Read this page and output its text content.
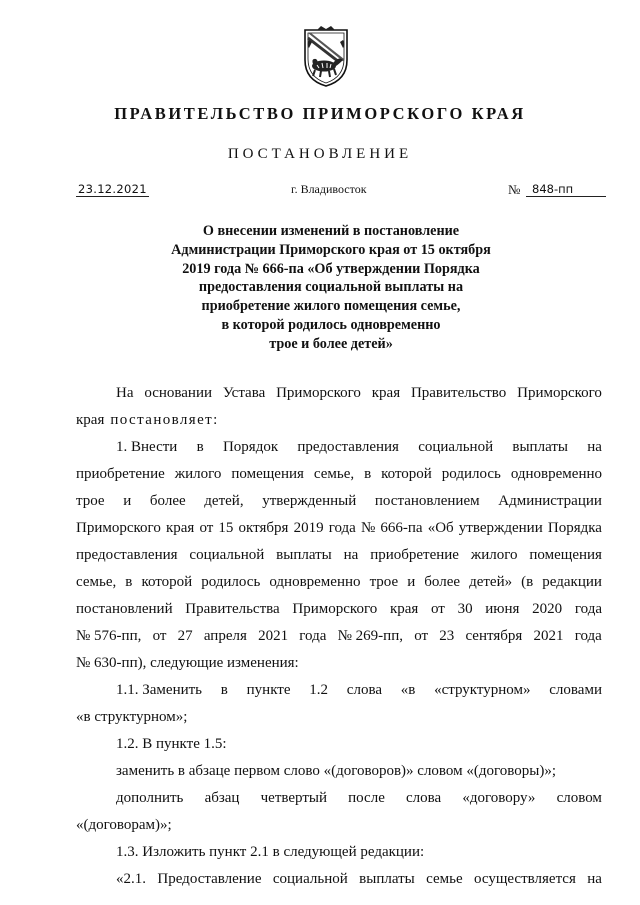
ПРАВИТЕЛЬСТВО ПРИМОРСКОГО КРАЯ
ПОСТАНОВЛЕНИЕ
23.12.2021	г. Владивосток	№	848-пп
О внесении изменений в постановление
Администрации Приморского края от 15 октября
2019 года № 666-па «Об утверждении Порядка
предоставления социальной выплаты на
приобретение жилого помещения семье,
в которой родилось одновременно
трое и более детей»
На основании Устава Приморского края Правительство Приморского
края постановляет:
1. Внести в Порядок предоставления социальной выплаты на
приобретение жилого помещения семье, в которой родилось одновременно
трое и более детей, утвержденный постановлением Администрации
Приморского края от 15 октября 2019 года № 666-па «Об утверждении Порядка
предоставления социальной выплаты на приобретение жилого помещения
семье, в которой родилось одновременно трое и более детей» (в редакции
постановлений Правительства Приморского края от 30 июня 2020 года
№ 576-пп, от 27 апреля 2021 года № 269-пп, от 23 сентября 2021 года
№ 630-пп), следующие изменения:
1.1. Заменить в пункте 1.2 слова «в «структурном» словами
«в структурном»;
1.2. В пункте 1.5:
заменить в абзаце первом слово «(договоров)» словом «(договоры)»;
дополнить абзац четвертый после слова «договору» словом
«(договорам)»;
1.3. Изложить пункт 2.1 в следующей редакции:
«2.1. Предоставление социальной выплаты семье осуществляется на
